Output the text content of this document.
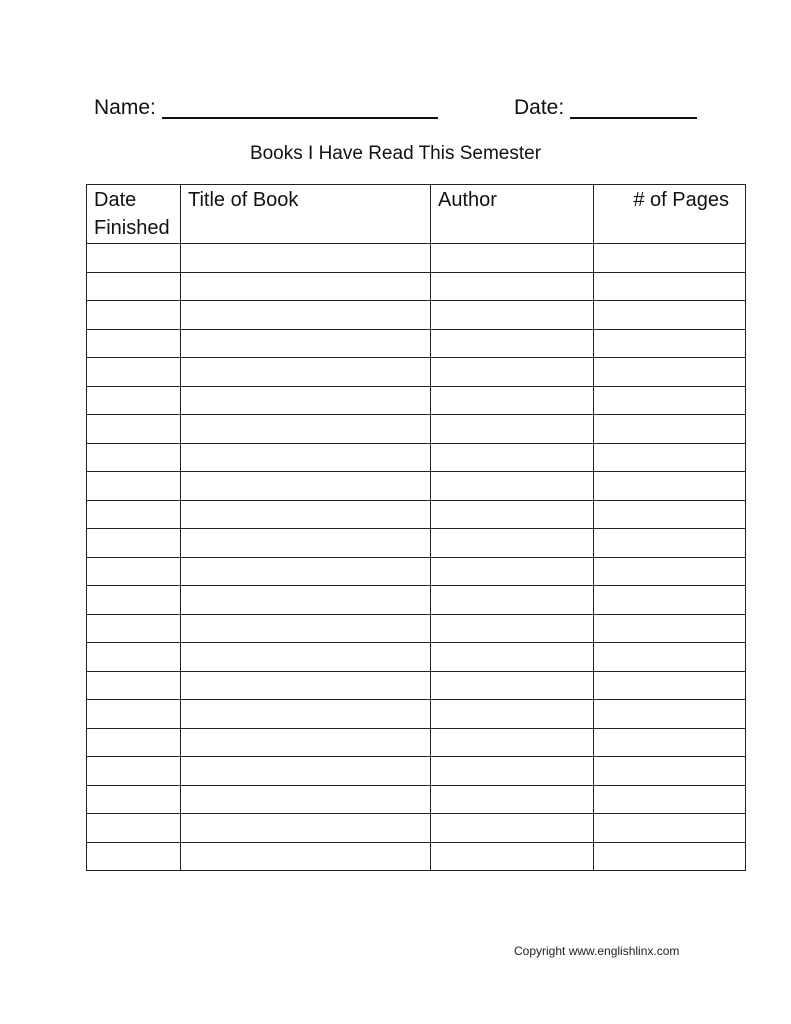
Name:	Date:
Books I Have Read This Semester
Date Finished	Title of Book	Author	# of Pages

Copyright www.englishlinx.com
